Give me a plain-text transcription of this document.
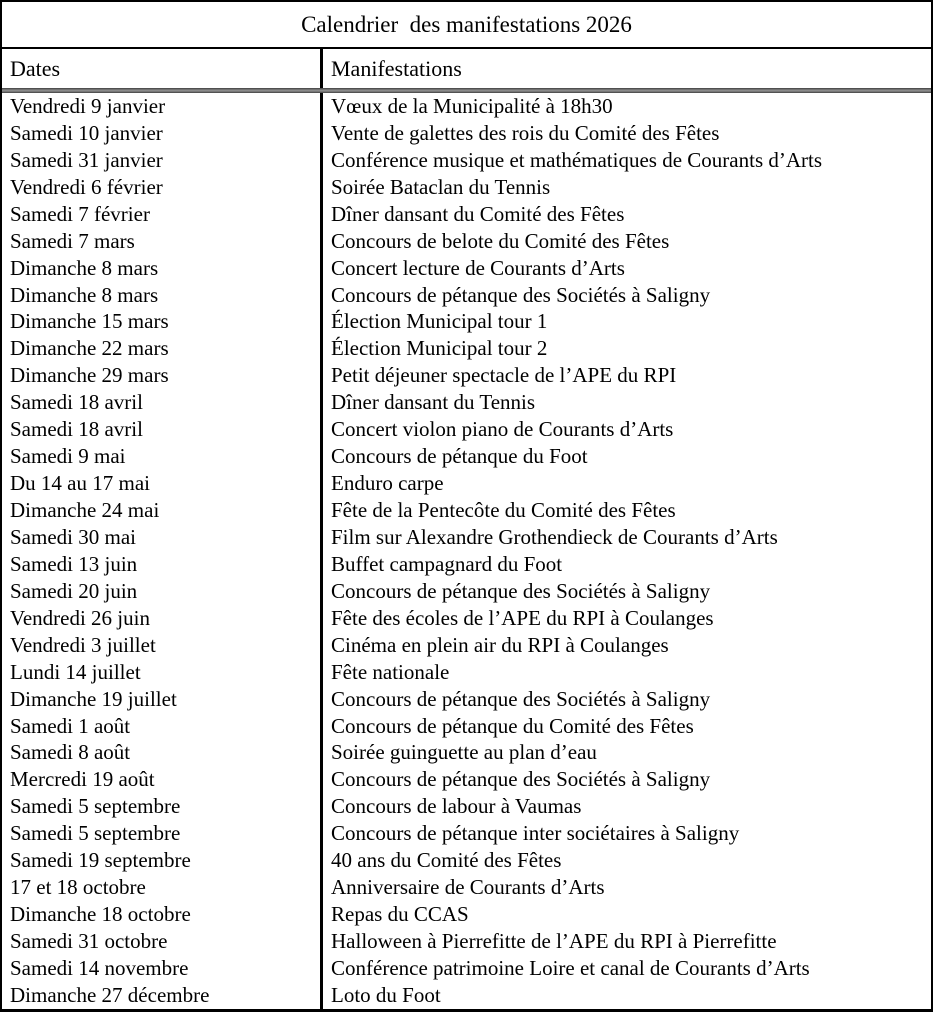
Calendrier  des manifestations 2026
Dates	Manifestations
Vendredi 9 janvier	Vœux de la Municipalité à 18h30
Samedi 10 janvier	Vente de galettes des rois du Comité des Fêtes
Samedi 31 janvier	Conférence musique et mathématiques de Courants d’Arts
Vendredi 6 février	Soirée Bataclan du Tennis
Samedi 7 février	Dîner dansant du Comité des Fêtes
Samedi 7 mars	Concours de belote du Comité des Fêtes
Dimanche 8 mars	Concert lecture de Courants d’Arts
Dimanche 8 mars	Concours de pétanque des Sociétés à Saligny
Dimanche 15 mars	Élection Municipal tour 1
Dimanche 22 mars	Élection Municipal tour 2
Dimanche 29 mars	Petit déjeuner spectacle de l’APE du RPI
Samedi 18 avril	Dîner dansant du Tennis
Samedi 18 avril	Concert violon piano de Courants d’Arts
Samedi 9 mai	Concours de pétanque du Foot
Du 14 au 17 mai	Enduro carpe
Dimanche 24 mai	Fête de la Pentecôte du Comité des Fêtes
Samedi 30 mai	Film sur Alexandre Grothendieck de Courants d’Arts
Samedi 13 juin	Buffet campagnard du Foot
Samedi 20 juin	Concours de pétanque des Sociétés à Saligny
Vendredi 26 juin	Fête des écoles de l’APE du RPI à Coulanges
Vendredi 3 juillet	Cinéma en plein air du RPI à Coulanges
Lundi 14 juillet	Fête nationale
Dimanche 19 juillet	Concours de pétanque des Sociétés à Saligny
Samedi 1 août	Concours de pétanque du Comité des Fêtes
Samedi 8 août	Soirée guinguette au plan d’eau
Mercredi 19 août	Concours de pétanque des Sociétés à Saligny
Samedi 5 septembre	Concours de labour à Vaumas
Samedi 5 septembre	Concours de pétanque inter sociétaires à Saligny
Samedi 19 septembre	40 ans du Comité des Fêtes
17 et 18 octobre	Anniversaire de Courants d’Arts
Dimanche 18 octobre	Repas du CCAS
Samedi 31 octobre	Halloween à Pierrefitte de l’APE du RPI à Pierrefitte
Samedi 14 novembre	Conférence patrimoine Loire et canal de Courants d’Arts
Dimanche 27 décembre	Loto du Foot
